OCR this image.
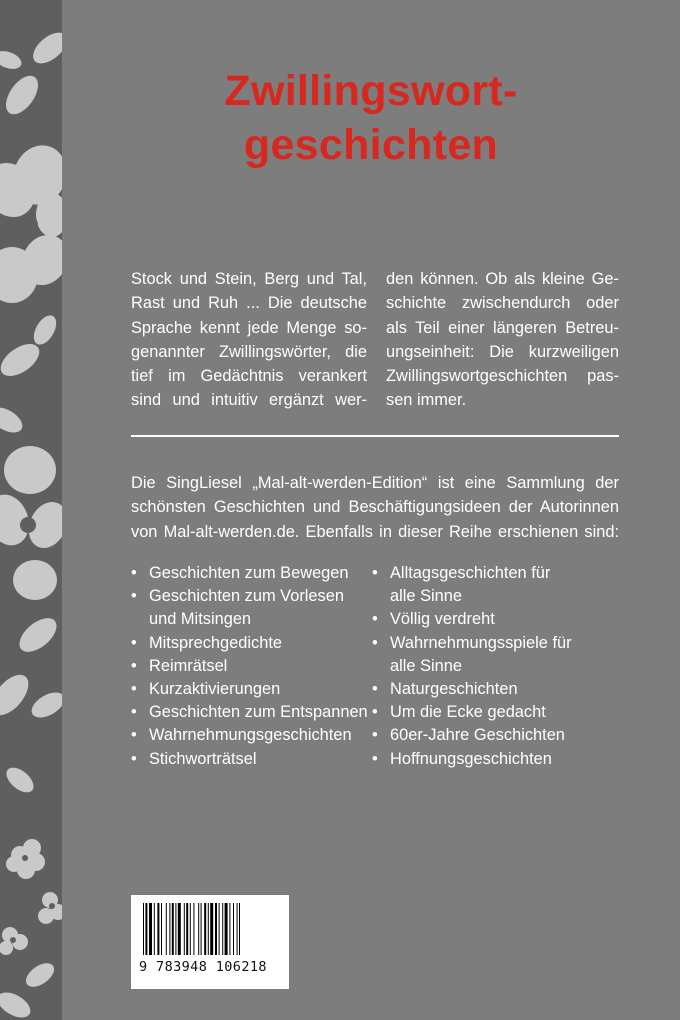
Zwillingswort-
geschichten
Stock und Stein, Berg und Tal,
Rast und Ruh ... Die deutsche
Sprache kennt jede Menge so-
genannter Zwillingswörter, die
tief im Gedächtnis verankert
sind und intuitiv ergänzt wer-
den können. Ob als kleine Ge-
schichte zwischendurch oder
als Teil einer längeren Betreu-
ungseinheit: Die kurzweiligen
Zwillingswortgeschichten pas-
sen immer.
Die SingLiesel „Mal-alt-werden-Edition“ ist eine Sammlung der
schönsten Geschichten und Beschäftigungsideen der Autorinnen
von Mal-alt-werden.de. Ebenfalls in dieser Reihe erschienen sind:
• Geschichten zum Bewegen
• Geschichten zum Vorlesen
und Mitsingen
• Mitsprechgedichte
• Reimrätsel
• Kurzaktivierungen
• Geschichten zum Entspannen
• Wahrnehmungsgeschichten
• Stichworträtsel
• Alltagsgeschichten für
alle Sinne
• Völlig verdreht
• Wahrnehmungsspiele für
alle Sinne
• Naturgeschichten
• Um die Ecke gedacht
• 60er-Jahre Geschichten
• Hoffnungsgeschichten
9 783948 106218
